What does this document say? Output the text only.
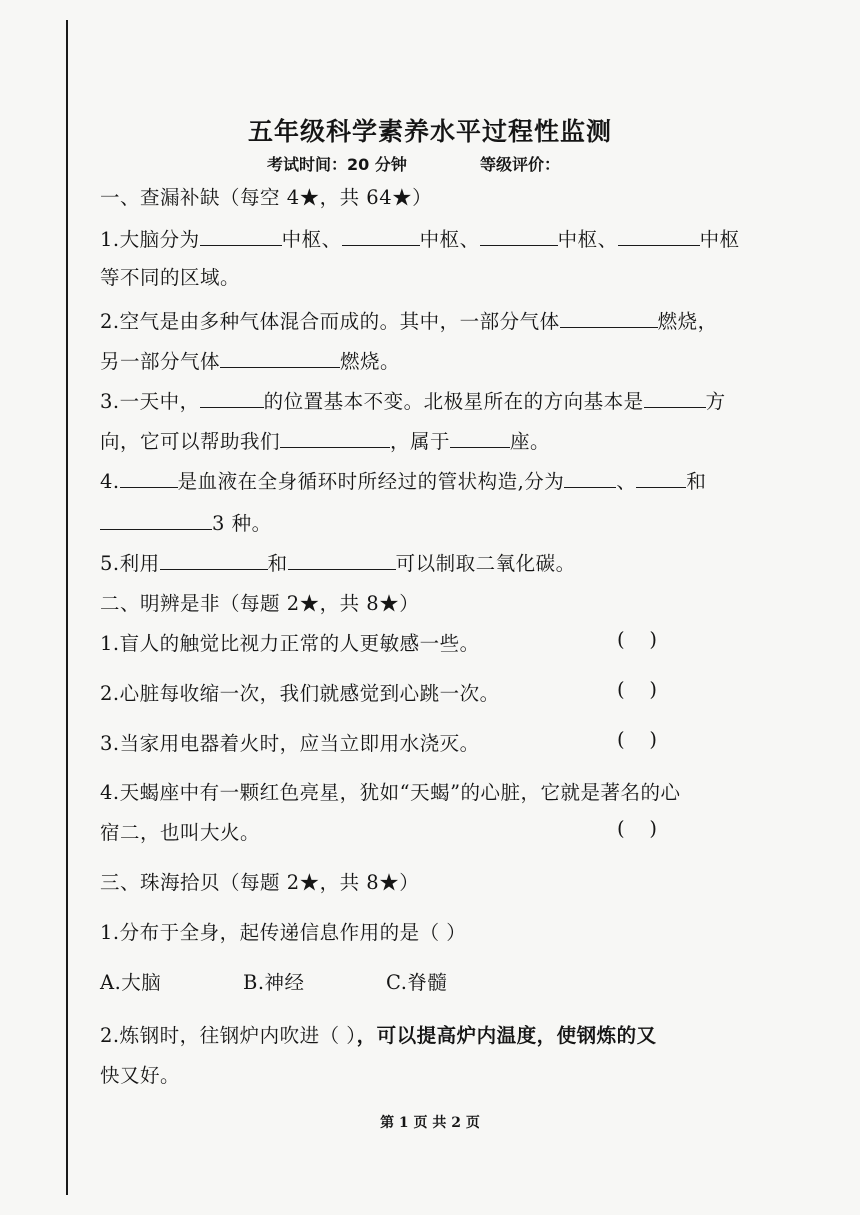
五年级科学素养水平过程性监测
考试时间：20 分钟	等级评价：
一、查漏补缺（每空 4★，共 64★）
1.大脑分为	中枢、	中枢、	中枢、	中枢
等不同的区域。
2.空气是由多种气体混合而成的。其中，一部分气体	燃烧，
另一部分气体	燃烧。
3.一天中，	的位置基本不变。北极星所在的方向基本是	方
向，它可以帮助我们	，属于	座。
4.	是血液在全身循环时所经过的管状构造,分为	、	和
3 种。
5.利用	和	可以制取二氧化碳。
二、明辨是非（每题 2★，共 8★）
1.盲人的触觉比视力正常的人更敏感一些。	(    )
2.心脏每收缩一次，我们就感觉到心跳一次。	(    )
3.当家用电器着火时，应当立即用水浇灭。	(    )
4.天蝎座中有一颗红色亮星，犹如“天蝎”的心脏，它就是著名的心
宿二，也叫大火。	(    )
三、珠海拾贝（每题 2★，共 8★）
1.分布于全身，起传递信息作用的是（ ）
A.大脑	B.神经	C.脊髓
2.炼钢时，往钢炉内吹进（ ），可以提高炉内温度，使钢炼的又
快又好。
第 1 页 共 2 页
